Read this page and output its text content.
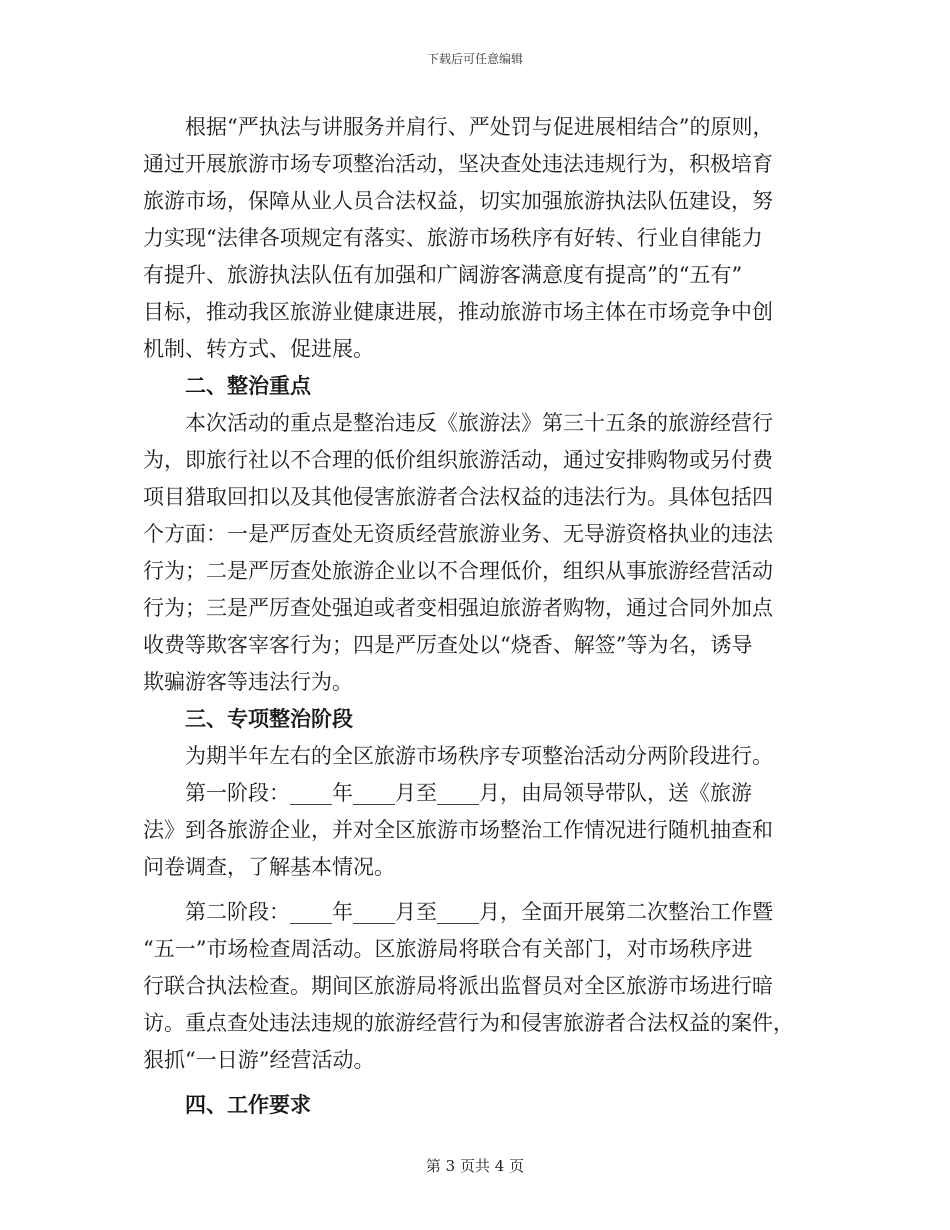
下载后可任意编辑
根据“严执法与讲服务并肩行、严处罚与促进展相结合”的原则，
通过开展旅游市场专项整治活动，坚决查处违法违规行为，积极培育
旅游市场，保障从业人员合法权益，切实加强旅游执法队伍建设，努
力实现“法律各项规定有落实、旅游市场秩序有好转、行业自律能力
有提升、旅游执法队伍有加强和广阔游客满意度有提高”的“五有”
目标，推动我区旅游业健康进展，推动旅游市场主体在市场竞争中创
机制、转方式、促进展。
二、整治重点
本次活动的重点是整治违反《旅游法》第三十五条的旅游经营行
为，即旅行社以不合理的低价组织旅游活动，通过安排购物或另付费
项目猎取回扣以及其他侵害旅游者合法权益的违法行为。具体包括四
个方面：一是严厉查处无资质经营旅游业务、无导游资格执业的违法
行为；二是严厉查处旅游企业以不合理低价，组织从事旅游经营活动
行为；三是严厉查处强迫或者变相强迫旅游者购物，通过合同外加点
收费等欺客宰客行为；四是严厉查处以“烧香、解签”等为名，诱导
欺骗游客等违法行为。
三、专项整治阶段
为期半年左右的全区旅游市场秩序专项整治活动分两阶段进行。
第一阶段：____年____月至____月，由局领导带队，送《旅游
法》到各旅游企业，并对全区旅游市场整治工作情况进行随机抽查和
问卷调查，了解基本情况。
第二阶段：____年____月至____月，全面开展第二次整治工作暨
“五一”市场检查周活动。区旅游局将联合有关部门，对市场秩序进
行联合执法检查。期间区旅游局将派出监督员对全区旅游市场进行暗
访。重点查处违法违规的旅游经营行为和侵害旅游者合法权益的案件，
狠抓“一日游”经营活动。
四、工作要求
第 3 页共 4 页
